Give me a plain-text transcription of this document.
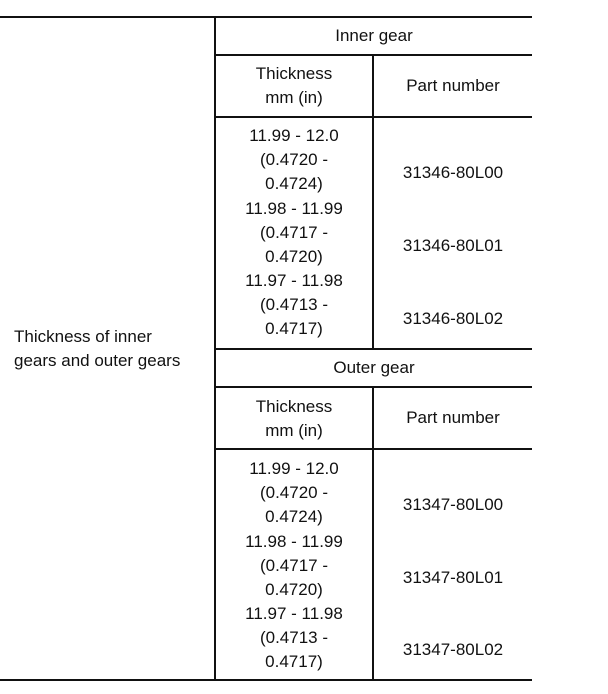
Thickness of inner
gears and outer gears
Inner gear
Thickness
mm (in)
Part number
11.99 - 12.0
(0.4720 -
0.4724)
31346-80L00
11.98 - 11.99
(0.4717 -
0.4720)
31346-80L01
11.97 - 11.98
(0.4713 -
0.4717)
31346-80L02
Outer gear
Thickness
mm (in)
Part number
11.99 - 12.0
(0.4720 -
0.4724)
31347-80L00
11.98 - 11.99
(0.4717 -
0.4720)
31347-80L01
11.97 - 11.98
(0.4713 -
0.4717)
31347-80L02
